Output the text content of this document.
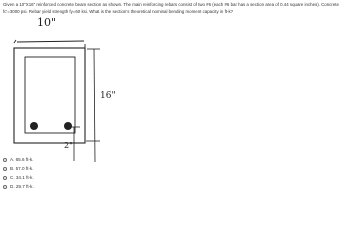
Given a 10"X16" reinforced concrete beam section as shown. The main reinforcing rebars consist of two #6 (each #6 bar has a section area of 0.44 square inches). Concrete fc'=3000 psi. Rebar yield strength fy=60 ksi. What is the section's theoretical nominal bending moment capacity in ft-k?
10"
16"
2"
A. 65.6 ft-k.
B. 57.0 ft-k.
C. 34.1 ft-k.
D. 29.7 ft-k.
